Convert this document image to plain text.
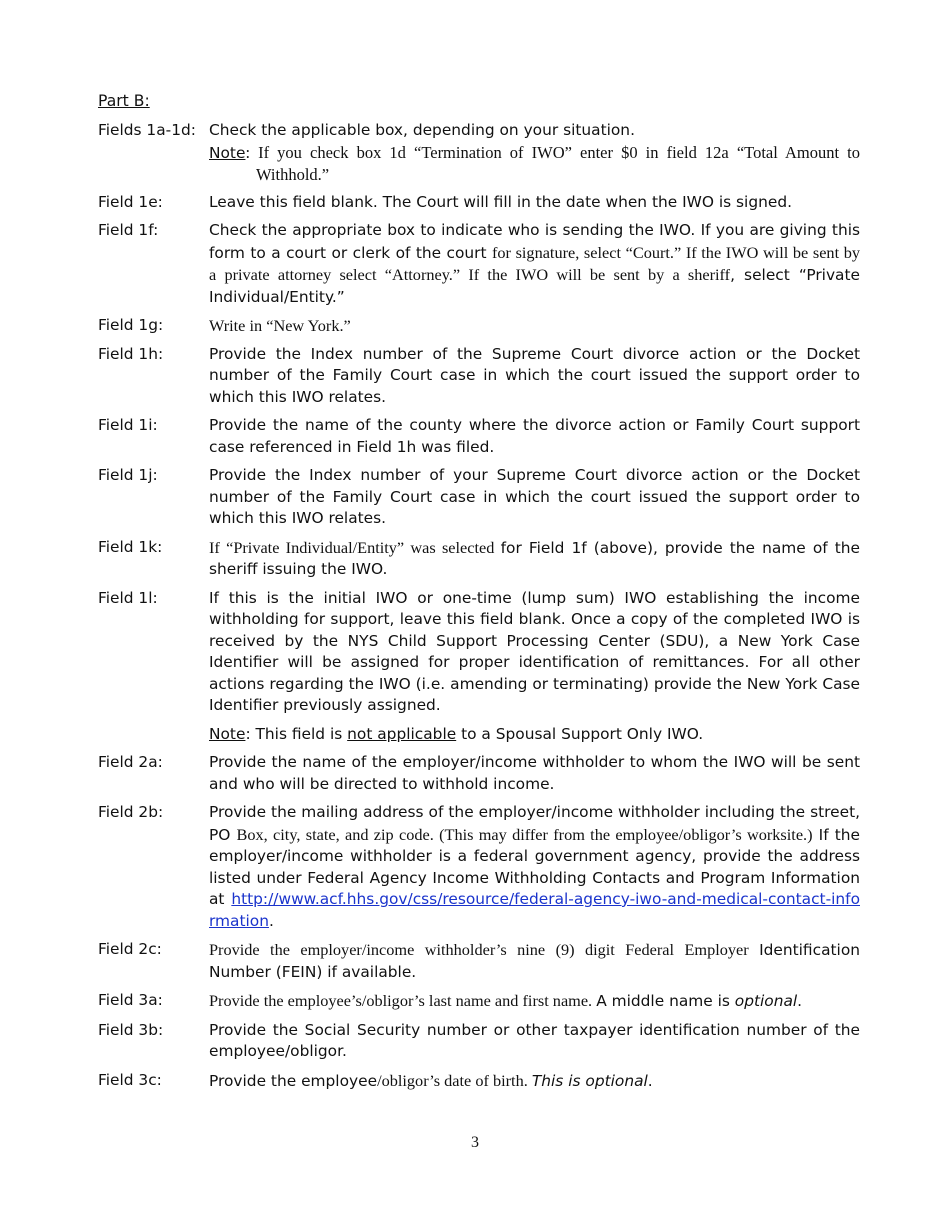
Part B:
Fields 1a-1d: Check the applicable box, depending on your situation.
Note: If you check box 1d “Termination of IWO” enter $0 in field 12a “Total Amount to Withhold.”
Field 1e:	Leave this field blank. The Court will fill in the date when the IWO is signed.
Field 1f:	Check the appropriate box to indicate who is sending the IWO. If you are giving this form to a court or clerk of the court for signature, select “Court.” If the IWO will be sent by a private attorney select “Attorney.” If the IWO will be sent by a sheriff, select “Private Individual/Entity.”
Field 1g:	Write in “New York.”
Field 1h:	Provide the Index number of the Supreme Court divorce action or the Docket number of the Family Court case in which the court issued the support order to which this IWO relates.
Field 1i:	Provide the name of the county where the divorce action or Family Court support case referenced in Field 1h was filed.
Field 1j:	Provide the Index number of your Supreme Court divorce action or the Docket number of the Family Court case in which the court issued the support order to which this IWO relates.
Field 1k:	If “Private Individual/Entity” was selected for Field 1f (above), provide the name of the sheriff issuing the IWO.
Field 1l:	If this is the initial IWO or one-time (lump sum) IWO establishing the income withholding for support, leave this field blank. Once a copy of the completed IWO is received by the NYS Child Support Processing Center (SDU), a New York Case Identifier will be assigned for proper identification of remittances. For all other actions regarding the IWO (i.e. amending or terminating) provide the New York Case Identifier previously assigned.
Note: This field is not applicable to a Spousal Support Only IWO.
Field 2a:	Provide the name of the employer/income withholder to whom the IWO will be sent and who will be directed to withhold income.
Field 2b:	Provide the mailing address of the employer/income withholder including the street, PO Box, city, state, and zip code. (This may differ from the employee/obligor’s worksite.) If the employer/income withholder is a federal government agency, provide the address listed under Federal Agency Income Withholding Contacts and Program Information at http://www.acf.hhs.gov/css/resource/federal-agency-iwo-and-medical-contact-information.
Field 2c:	Provide the employer/income withholder’s nine (9) digit Federal Employer Identification Number (FEIN) if available.
Field 3a:	Provide the employee’s/obligor’s last name and first name. A middle name is optional.
Field 3b:	Provide the Social Security number or other taxpayer identification number of the employee/obligor.
Field 3c:	Provide the employee/obligor’s date of birth. This is optional.
3
